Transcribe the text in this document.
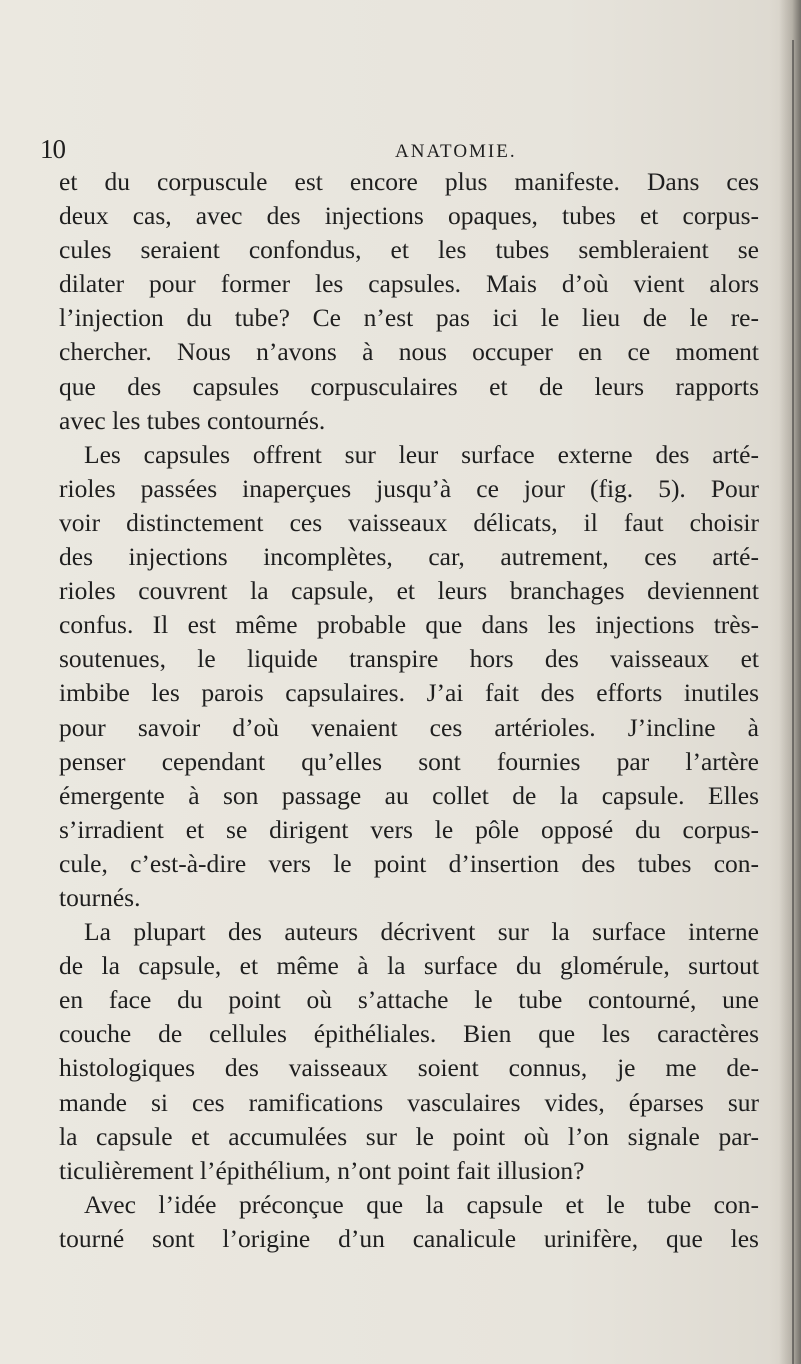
10	ANATOMIE.
et du corpuscule est encore plus manifeste. Dans ces
deux cas, avec des injections opaques, tubes et corpus-
cules seraient confondus, et les tubes sembleraient se
dilater pour former les capsules. Mais d’où vient alors
l’injection du tube? Ce n’est pas ici le lieu de le re-
chercher. Nous n’avons à nous occuper en ce moment
que des capsules corpusculaires et de leurs rapports
avec les tubes contournés.
Les capsules offrent sur leur surface externe des arté-
rioles passées inaperçues jusqu’à ce jour (fig. 5). Pour
voir distinctement ces vaisseaux délicats, il faut choisir
des injections incomplètes, car, autrement, ces arté-
rioles couvrent la capsule, et leurs branchages deviennent
confus. Il est même probable que dans les injections très-
soutenues, le liquide transpire hors des vaisseaux et
imbibe les parois capsulaires. J’ai fait des efforts inutiles
pour savoir d’où venaient ces artérioles. J’incline à
penser cependant qu’elles sont fournies par l’artère
émergente à son passage au collet de la capsule. Elles
s’irradient et se dirigent vers le pôle opposé du corpus-
cule, c’est-à-dire vers le point d’insertion des tubes con-
tournés.
La plupart des auteurs décrivent sur la surface interne
de la capsule, et même à la surface du glomérule, surtout
en face du point où s’attache le tube contourné, une
couche de cellules épithéliales. Bien que les caractères
histologiques des vaisseaux soient connus, je me de-
mande si ces ramifications vasculaires vides, éparses sur
la capsule et accumulées sur le point où l’on signale par-
ticulièrement l’épithélium, n’ont point fait illusion?
Avec l’idée préconçue que la capsule et le tube con-
tourné sont l’origine d’un canalicule urinifère, que les
